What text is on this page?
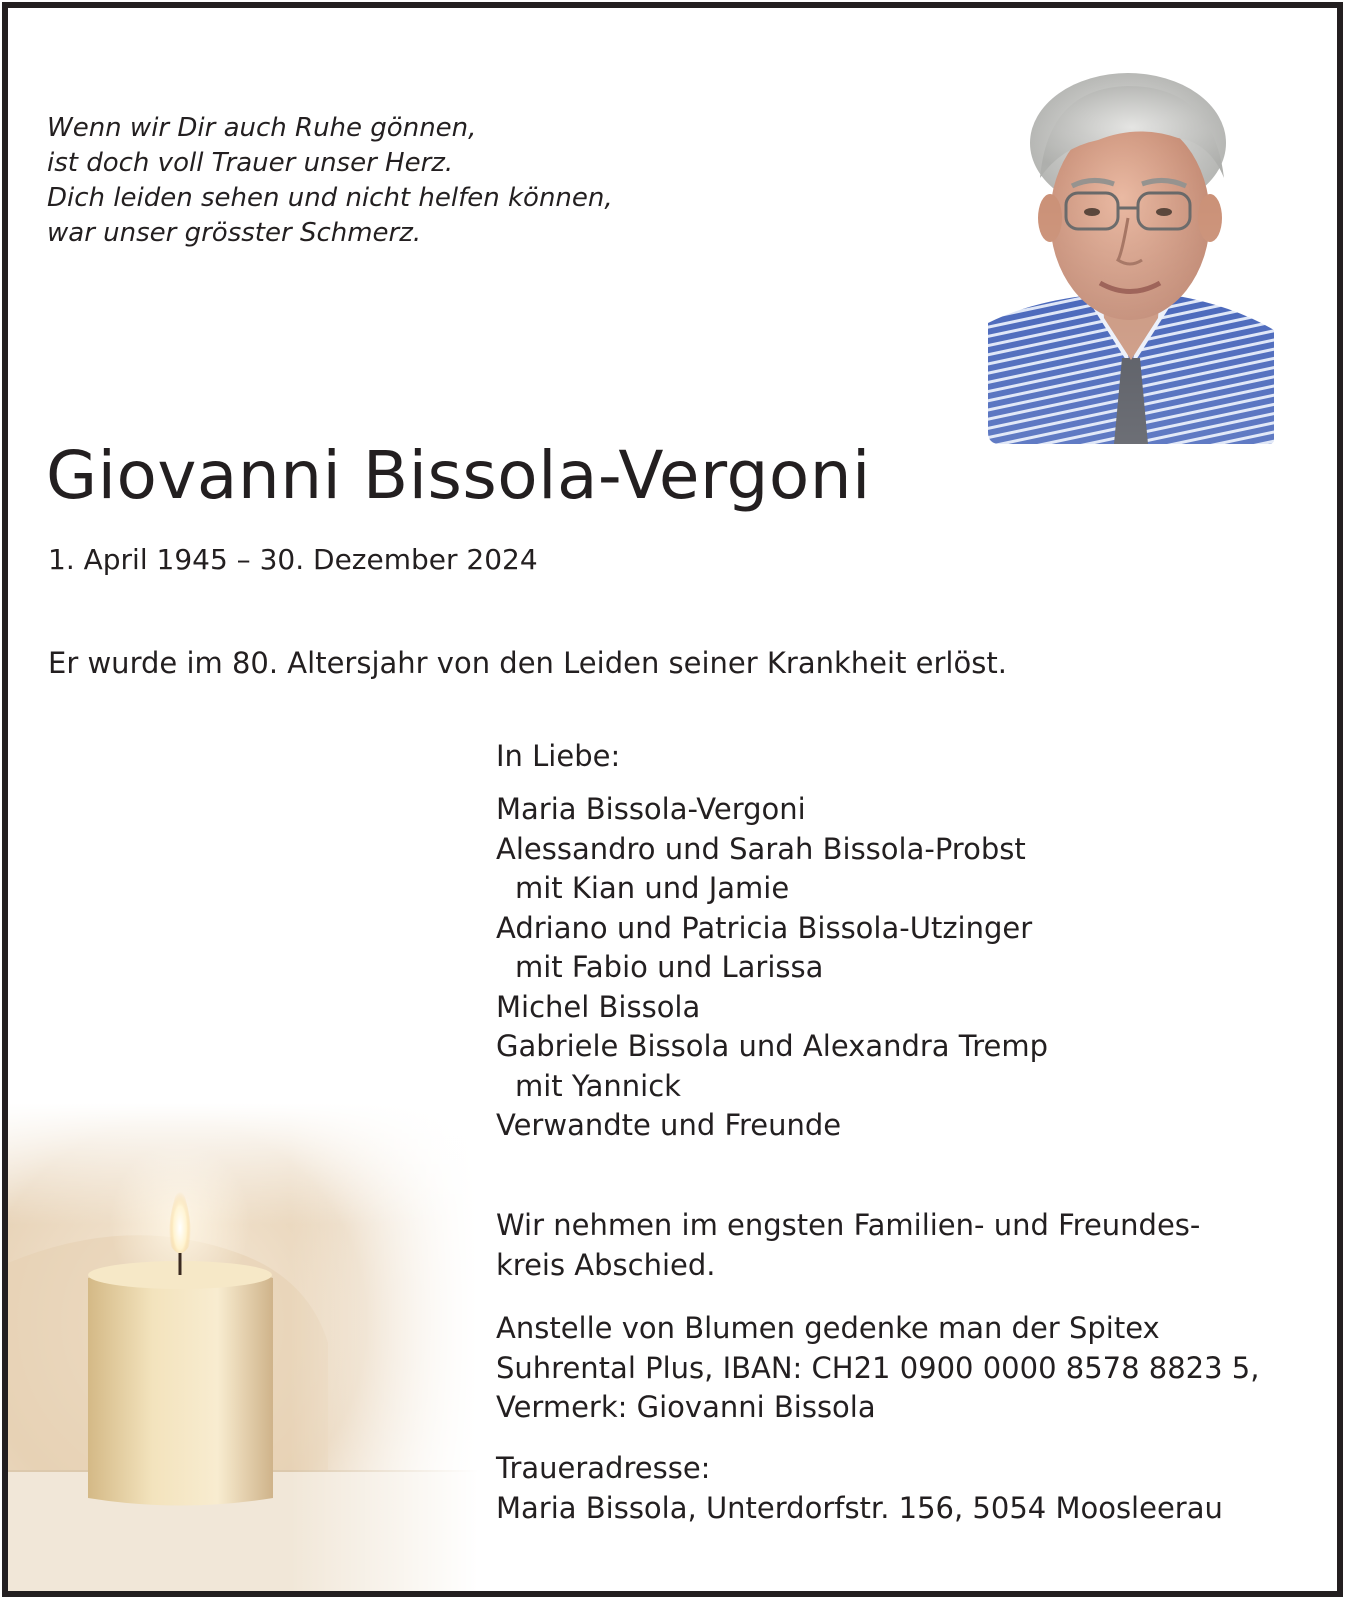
Wenn wir Dir auch Ruhe gönnen,
ist doch voll Trauer unser Herz.
Dich leiden sehen und nicht helfen können,
war unser grösster Schmerz.
Giovanni Bissola-Vergoni
1. April 1945 – 30. Dezember 2024
Er wurde im 80. Altersjahr von den Leiden seiner Krankheit erlöst.
In Liebe:
Maria Bissola-Vergoni
Alessandro und Sarah Bissola-Probst
mit Kian und Jamie
Adriano und Patricia Bissola-Utzinger
mit Fabio und Larissa
Michel Bissola
Gabriele Bissola und Alexandra Tremp
mit Yannick
Verwandte und Freunde
Wir nehmen im engsten Familien- und Freundes-
kreis Abschied.
Anstelle von Blumen gedenke man der Spitex
Suhrental Plus, IBAN: CH21 0900 0000 8578 8823 5,
Vermerk: Giovanni Bissola
Traueradresse:
Maria Bissola, Unterdorfstr. 156, 5054 Moosleerau
